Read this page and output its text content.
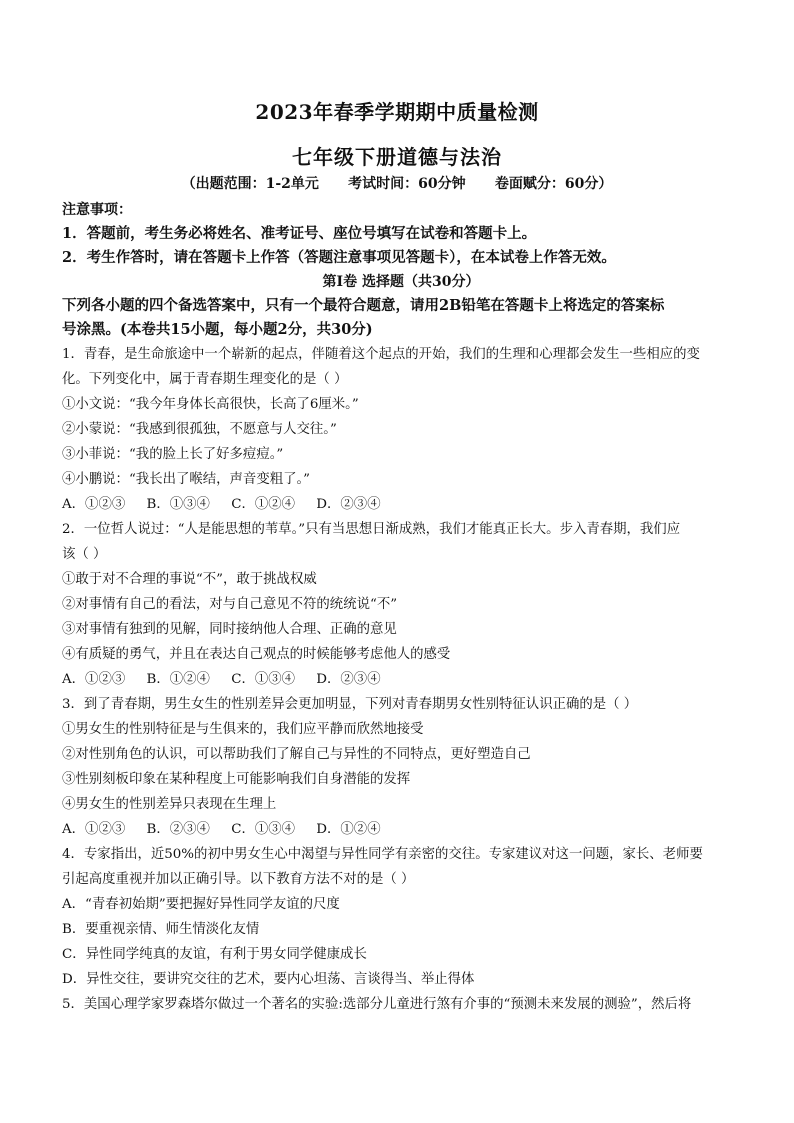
2023年春季学期期中质量检测
七年级下册道德与法治
（出题范围：1-2单元      考试时间：60分钟      卷面赋分：60分）
注意事项：
1．答题前，考生务必将姓名、准考证号、座位号填写在试卷和答题卡上。
2．考生作答时，请在答题卡上作答（答题注意事项见答题卡），在本试卷上作答无效。
第Ⅰ卷 选择题（共30分）
下列各小题的四个备选答案中，只有一个最符合题意，请用2B铅笔在答题卡上将选定的答案标
号涂黑。(本卷共15小题，每小题2分，共30分)
1．青春，是生命旅途中一个崭新的起点，伴随着这个起点的开始，我们的生理和心理都会发生一些相应的变
化。下列变化中，属于青春期生理变化的是（ ）
①小文说：“我今年身体长高很快，长高了6厘米。”
②小蒙说：“我感到很孤独，不愿意与人交往。”
③小菲说：“我的脸上长了好多痘痘。”
④小鹏说：“我长出了喉结，声音变粗了。”
A．①②③     B．①③④     C．①②④     D．②③④
2．一位哲人说过：“人是能思想的苇草。”只有当思想日渐成熟，我们才能真正长大。步入青春期，我们应
该（ ）
①敢于对不合理的事说“不”，敢于挑战权威
②对事情有自己的看法，对与自己意见不符的统统说“不”
③对事情有独到的见解，同时接纳他人合理、正确的意见
④有质疑的勇气，并且在表达自己观点的时候能够考虑他人的感受
A．①②③     B．①②④     C．①③④     D．②③④
3．到了青春期，男生女生的性别差异会更加明显，下列对青春期男女性别特征认识正确的是（ ）
①男女生的性别特征是与生俱来的，我们应平静而欣然地接受
②对性别角色的认识，可以帮助我们了解自己与异性的不同特点，更好塑造自己
③性别刻板印象在某种程度上可能影响我们自身潜能的发挥
④男女生的性别差异只表现在生理上
A．①②③     B．②③④     C．①③④     D．①②④
4．专家指出，近50%的初中男女生心中渴望与异性同学有亲密的交往。专家建议对这一问题，家长、老师要
引起高度重视并加以正确引导。以下教育方法不对的是（ ）
A．“青春初始期”要把握好异性同学友谊的尺度
B．要重视亲情、师生情淡化友情
C．异性同学纯真的友谊，有利于男女同学健康成长
D．异性交往，要讲究交往的艺术，要内心坦荡、言谈得当、举止得体
5．美国心理学家罗森塔尔做过一个著名的实验:选部分儿童进行煞有介事的“预测未来发展的测验”，然后将
